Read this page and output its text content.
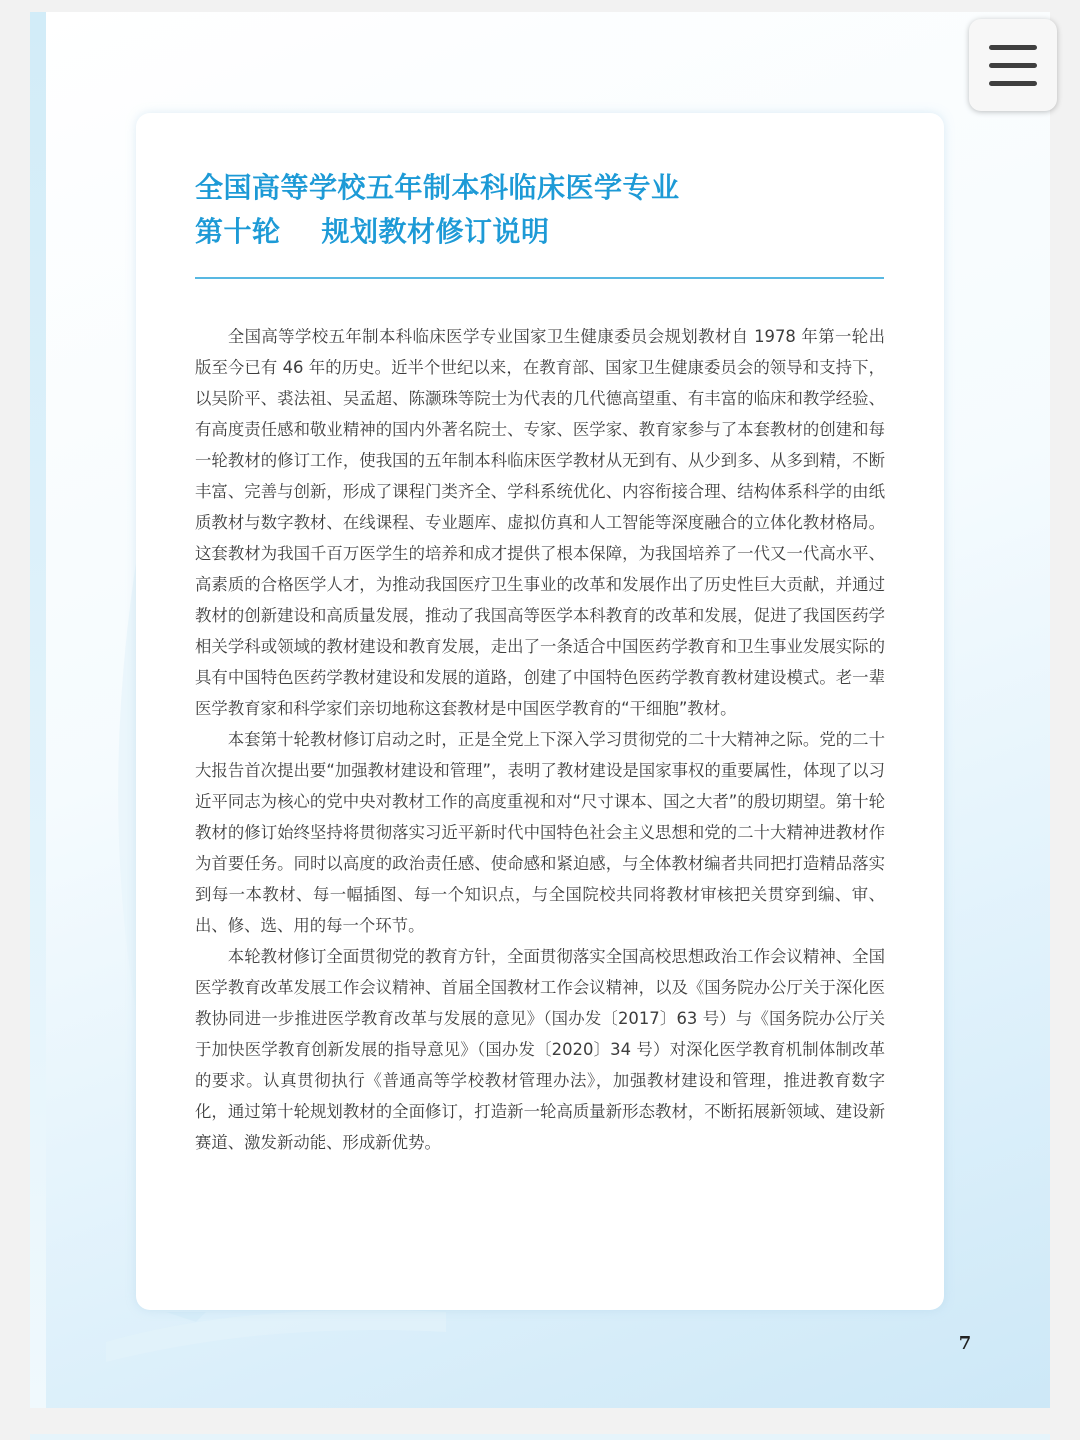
全国高等学校五年制本科临床医学专业
第十轮    规划教材修订说明

全国高等学校五年制本科临床医学专业国家卫生健康委员会规划教材自 1978 年第一轮出版至今已有 46 年的历史。近半个世纪以来，在教育部、国家卫生健康委员会的领导和支持下，以吴阶平、裘法祖、吴孟超、陈灏珠等院士为代表的几代德高望重、有丰富的临床和教学经验、有高度责任感和敬业精神的国内外著名院士、专家、医学家、教育家参与了本套教材的创建和每一轮教材的修订工作，使我国的五年制本科临床医学教材从无到有、从少到多、从多到精，不断丰富、完善与创新，形成了课程门类齐全、学科系统优化、内容衔接合理、结构体系科学的由纸质教材与数字教材、在线课程、专业题库、虚拟仿真和人工智能等深度融合的立体化教材格局。这套教材为我国千百万医学生的培养和成才提供了根本保障，为我国培养了一代又一代高水平、高素质的合格医学人才，为推动我国医疗卫生事业的改革和发展作出了历史性巨大贡献，并通过教材的创新建设和高质量发展，推动了我国高等医学本科教育的改革和发展，促进了我国医药学相关学科或领域的教材建设和教育发展，走出了一条适合中国医药学教育和卫生事业发展实际的具有中国特色医药学教材建设和发展的道路，创建了中国特色医药学教育教材建设模式。老一辈医学教育家和科学家们亲切地称这套教材是中国医学教育的“干细胞”教材。

本套第十轮教材修订启动之时，正是全党上下深入学习贯彻党的二十大精神之际。党的二十大报告首次提出要“加强教材建设和管理”，表明了教材建设是国家事权的重要属性，体现了以习近平同志为核心的党中央对教材工作的高度重视和对“尺寸课本、国之大者”的殷切期望。第十轮教材的修订始终坚持将贯彻落实习近平新时代中国特色社会主义思想和党的二十大精神进教材作为首要任务。同时以高度的政治责任感、使命感和紧迫感，与全体教材编者共同把打造精品落实到每一本教材、每一幅插图、每一个知识点，与全国院校共同将教材审核把关贯穿到编、审、出、修、选、用的每一个环节。

本轮教材修订全面贯彻党的教育方针，全面贯彻落实全国高校思想政治工作会议精神、全国医学教育改革发展工作会议精神、首届全国教材工作会议精神，以及《国务院办公厅关于深化医教协同进一步推进医学教育改革与发展的意见》（国办发〔2017〕63 号）与《国务院办公厅关于加快医学教育创新发展的指导意见》（国办发〔2020〕34 号）对深化医学教育机制体制改革的要求。认真贯彻执行《普通高等学校教材管理办法》，加强教材建设和管理，推进教育数字化，通过第十轮规划教材的全面修订，打造新一轮高质量新形态教材，不断拓展新领域、建设新赛道、激发新动能、形成新优势。

7
